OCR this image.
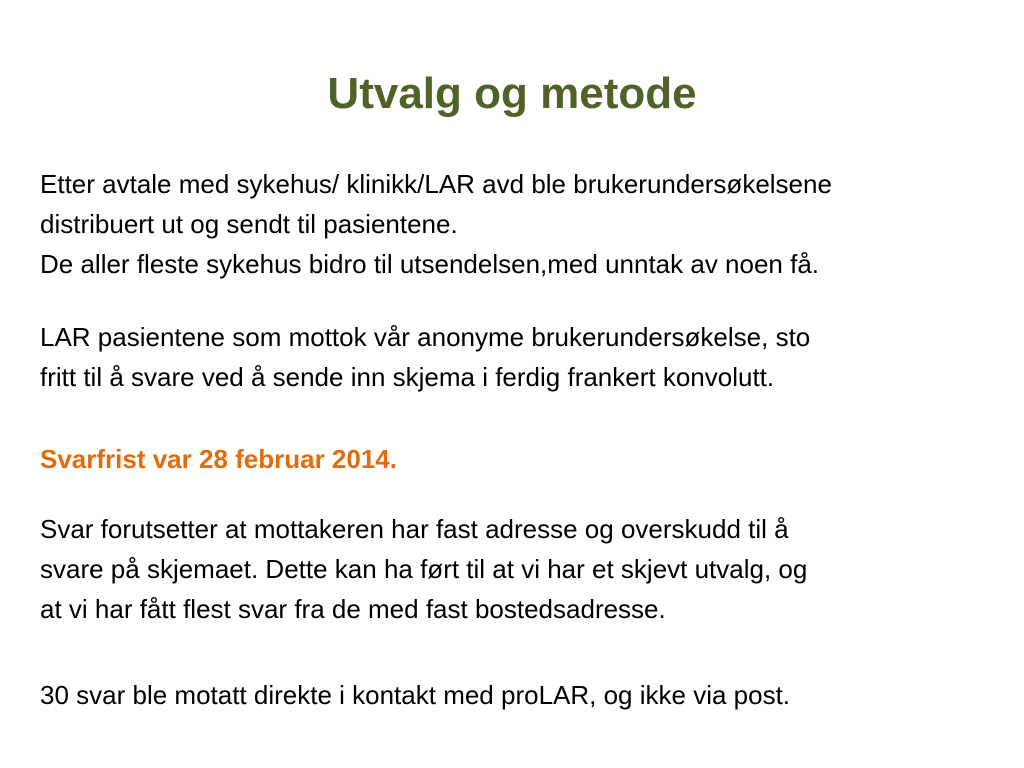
Utvalg og metode

Etter avtale med sykehus/ klinikk/LAR avd ble brukerundersøkelsene
distribuert ut og sendt til pasientene.
De aller fleste sykehus bidro til utsendelsen,med unntak av noen få.

LAR pasientene som mottok vår anonyme brukerundersøkelse, sto
fritt til å svare ved å sende inn skjema i ferdig frankert konvolutt.

Svarfrist var 28 februar 2014.

Svar forutsetter at mottakeren har fast adresse og overskudd til å
svare på skjemaet. Dette kan ha ført til at vi har et skjevt utvalg, og
at vi har fått flest svar fra de med fast bostedsadresse.

30 svar ble motatt direkte i kontakt med proLAR, og ikke via post.
